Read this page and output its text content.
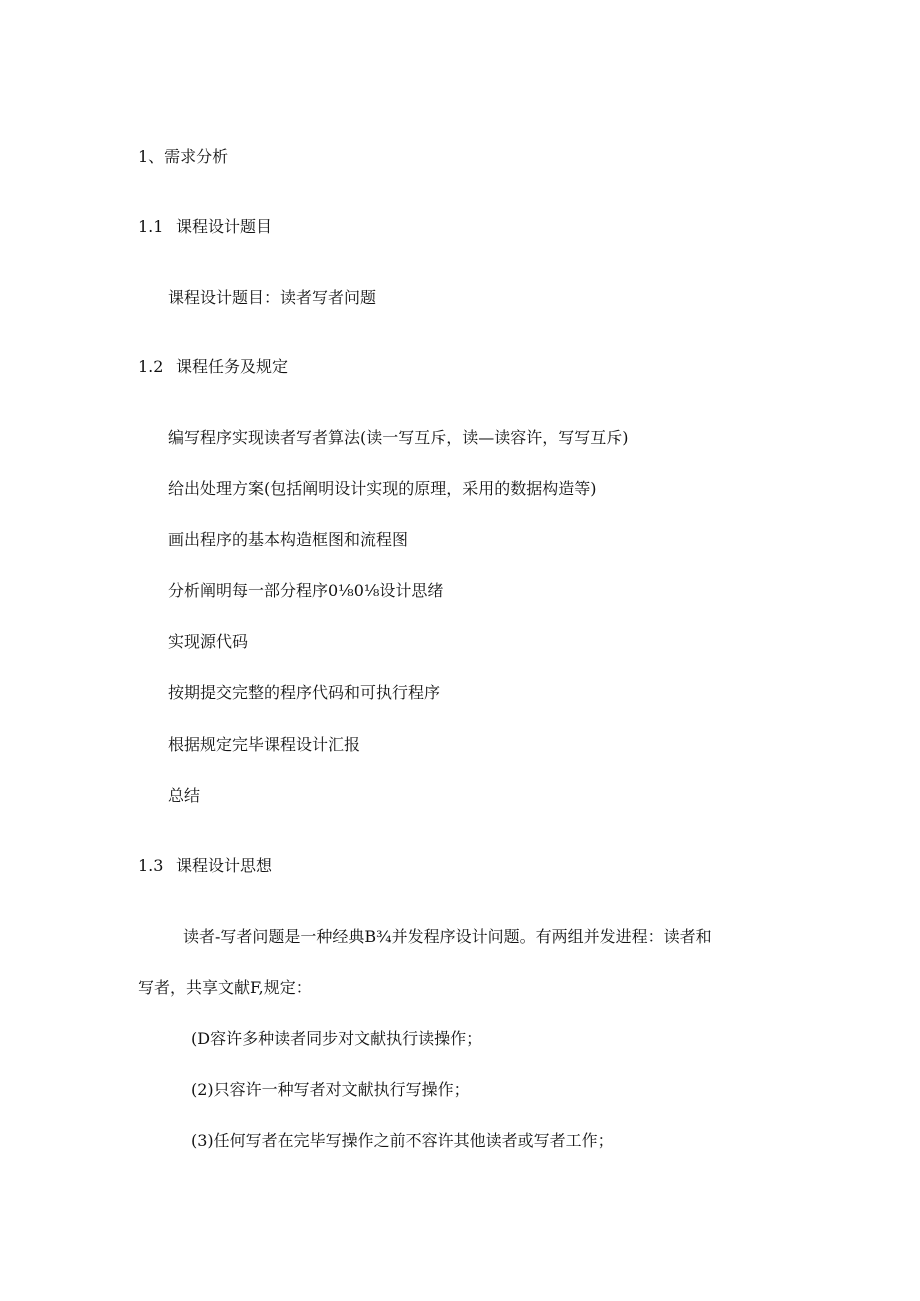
1、需求分析
1.1 课程设计题目
课程设计题目：读者写者问题
1.2 课程任务及规定
编写程序实现读者写者算法(读一写互斥，读—读容许，写写互斥)
给出处理方案(包括阐明设计实现的原理，采用的数据构造等)
画出程序的基本构造框图和流程图
分析阐明每一部分程序0⅛0⅛设计思绪
实现源代码
按期提交完整的程序代码和可执行程序
根据规定完毕课程设计汇报
总结
1.3 课程设计思想
读者-写者问题是一种经典B¾并发程序设计问题。有两组并发进程：读者和
写者，共享文献F,规定：
(D容许多种读者同步对文献执行读操作；
(2)只容许一种写者对文献执行写操作；
(3)任何写者在完毕写操作之前不容许其他读者或写者工作；
